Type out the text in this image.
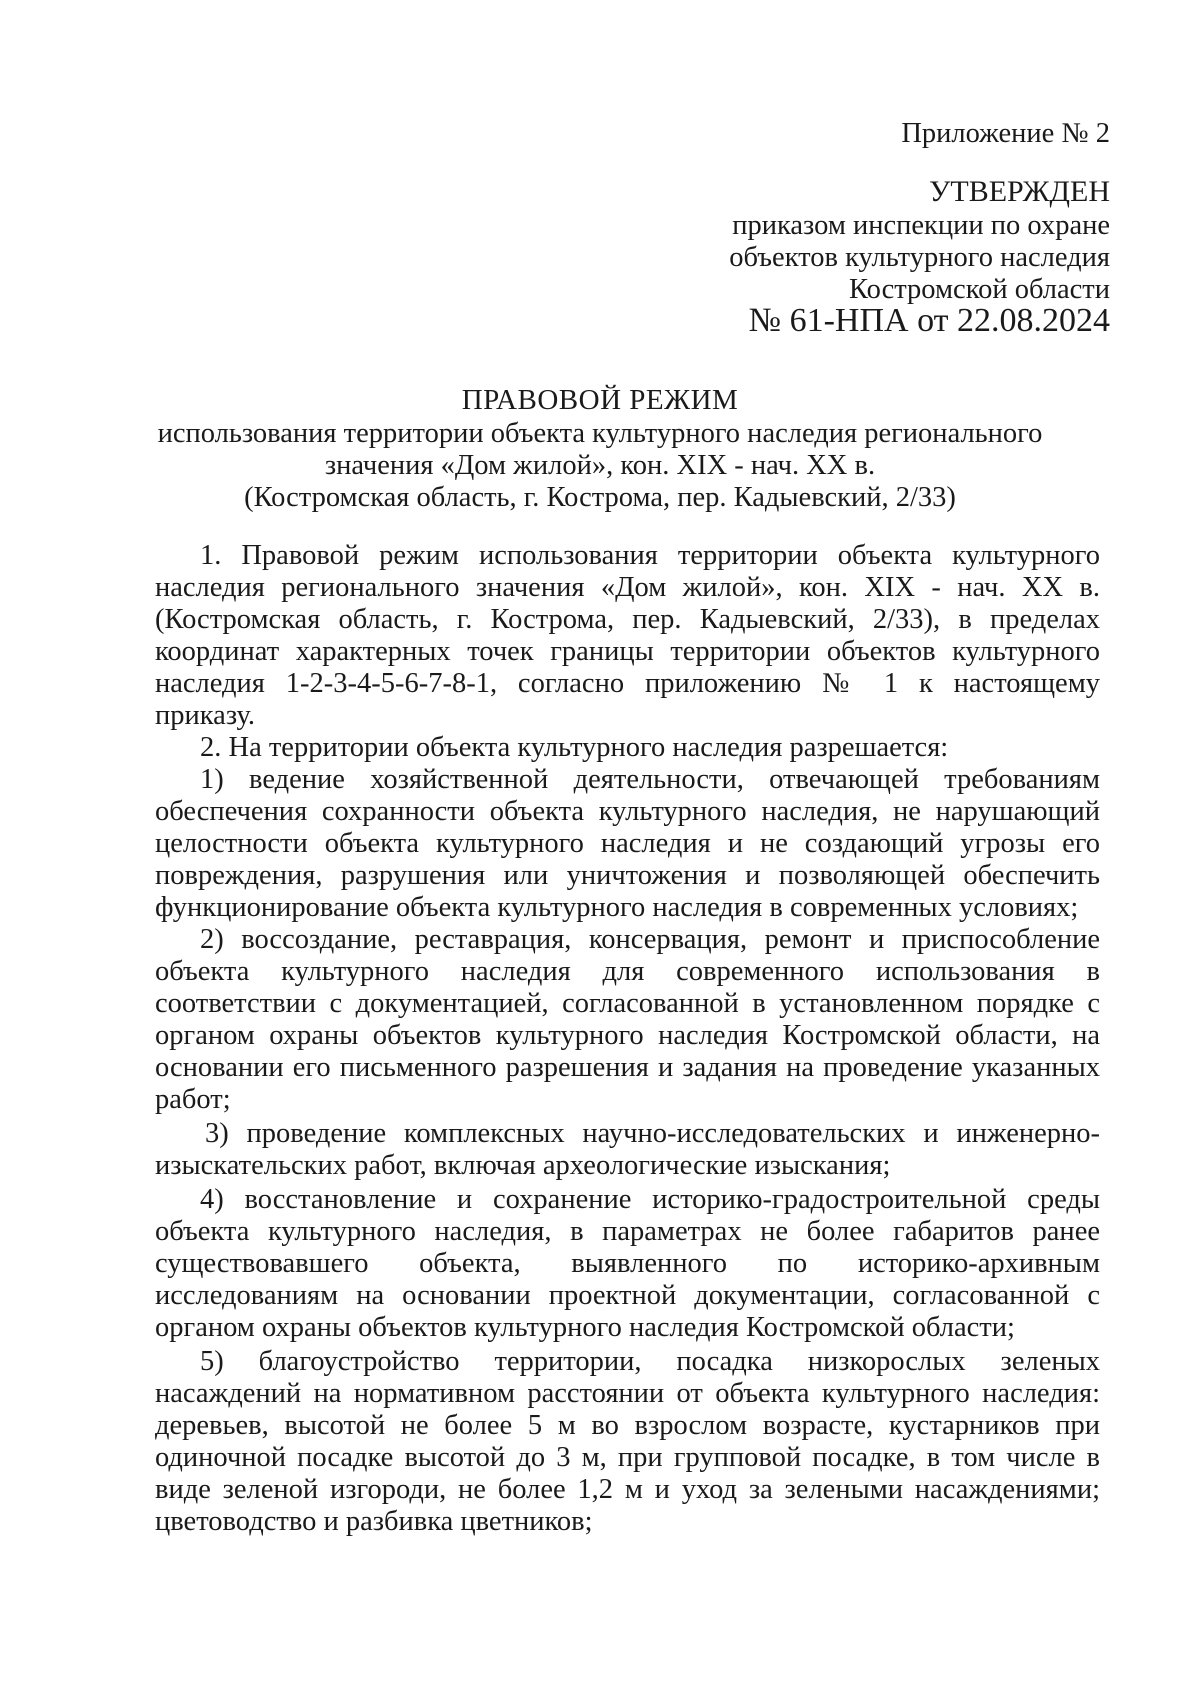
Приложение № 2
УТВЕРЖДЕН
приказом инспекции по охране
объектов культурного наследия
Костромской области
№ 61-НПА от 22.08.2024
ПРАВОВОЙ РЕЖИМ
использования территории объекта культурного наследия регионального
значения «Дом жилой», кон. XIX - нач. XX в.
(Костромская область, г. Кострома, пер. Кадыевский, 2/33)
1. Правовой режим использования территории объекта культурного
наследия регионального значения «Дом жилой», кон. XIX - нач. XX в.
(Костромская область, г. Кострома, пер. Кадыевский, 2/33), в пределах
координат характерных точек границы территории объектов культурного
наследия 1-2-3-4-5-6-7-8-1, согласно приложению № 1 к настоящему
приказу.
2. На территории объекта культурного наследия разрешается:
1) ведение хозяйственной деятельности, отвечающей требованиям
обеспечения сохранности объекта культурного наследия, не нарушающий
целостности объекта культурного наследия и не создающий угрозы его
повреждения, разрушения или уничтожения и позволяющей обеспечить
функционирование объекта культурного наследия в современных условиях;
2) воссоздание, реставрация, консервация, ремонт и приспособление
объекта культурного наследия для современного использования в
соответствии с документацией, согласованной в установленном порядке с
органом охраны объектов культурного наследия Костромской области, на
основании его письменного разрешения и задания на проведение указанных
работ;
3) проведение комплексных научно-исследовательских и инженерно-
изыскательских работ, включая археологические изыскания;
4) восстановление и сохранение историко-градостроительной среды
объекта культурного наследия, в параметрах не более габаритов ранее
существовавшего объекта, выявленного по историко-архивным
исследованиям на основании проектной документации, согласованной с
органом охраны объектов культурного наследия Костромской области;
5) благоустройство территории, посадка низкорослых зеленых
насаждений на нормативном расстоянии от объекта культурного наследия:
деревьев, высотой не более 5 м во взрослом возрасте, кустарников при
одиночной посадке высотой до 3 м, при групповой посадке, в том числе в
виде зеленой изгороди, не более 1,2 м и уход за зелеными насаждениями;
цветоводство и разбивка цветников;
